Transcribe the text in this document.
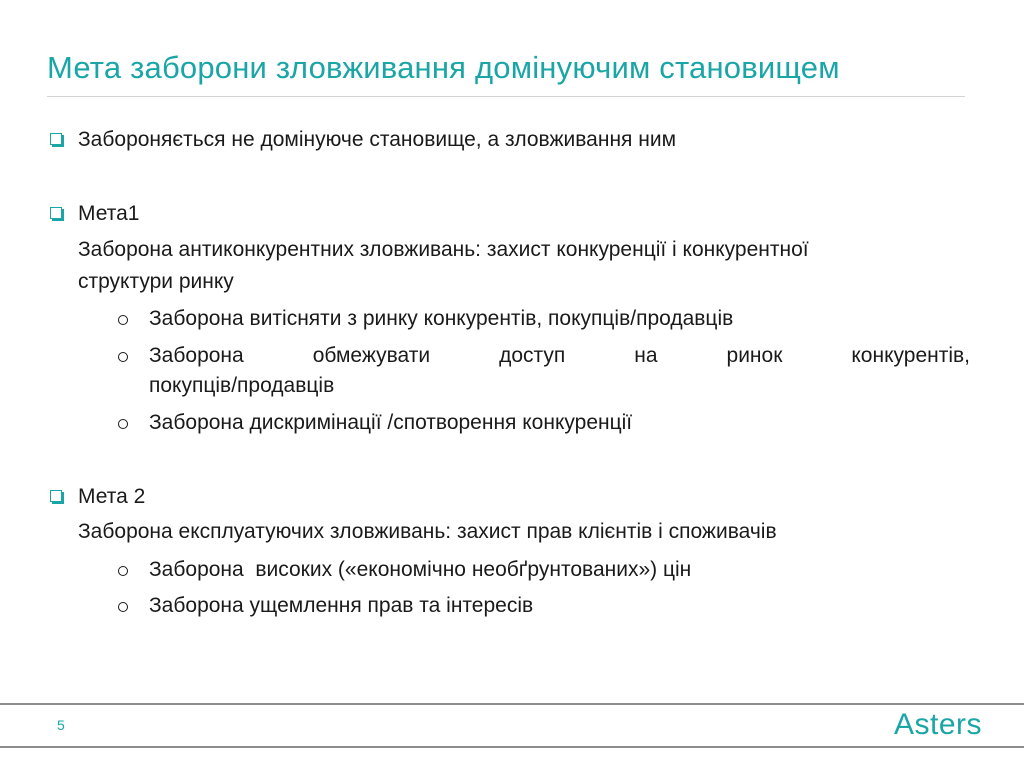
Мета заборони зловживання домінуючим становищем
Забороняється не домінуюче становище, а зловживання ним
Мета1
Заборона антиконкурентних зловживань: захист конкуренції і конкурентної
структури ринку
Заборона витісняти з ринку конкурентів, покупців/продавців
Заборона	обмежувати	доступ	на	ринок	конкурентів,
покупців/продавців
Заборона дискримінації /спотворення конкуренції
Мета 2
Заборона експлуатуючих зловживань: захист прав клієнтів і споживачів
Заборона  високих («економічно необґрунтованих») цін
Заборона ущемлення прав та інтересів
5	Asters
